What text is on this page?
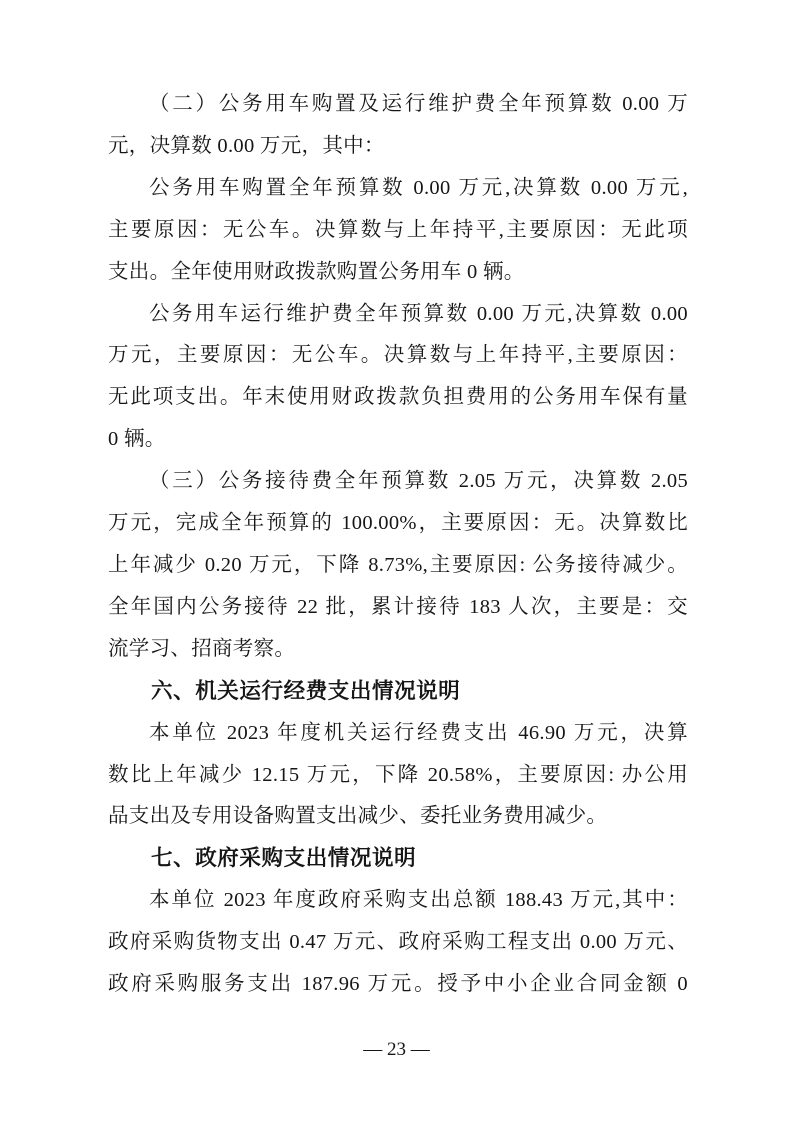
（二）公务用车购置及运行维护费全年预算数 0.00 万
元，决算数 0.00 万元，其中：
公务用车购置全年预算数 0.00 万元,决算数 0.00 万元,
主要原因：无公车。决算数与上年持平,主要原因：无此项
支出。全年使用财政拨款购置公务用车 0 辆。
公务用车运行维护费全年预算数 0.00 万元,决算数 0.00
万元，主要原因：无公车。决算数与上年持平,主要原因：
无此项支出。年末使用财政拨款负担费用的公务用车保有量
0 辆。
（三）公务接待费全年预算数 2.05 万元，决算数 2.05
万元，完成全年预算的 100.00%，主要原因：无。决算数比
上年减少 0.20 万元，下降 8.73%,主要原因: 公务接待减少。
全年国内公务接待 22 批，累计接待 183 人次，主要是：交
流学习、招商考察。
六、机关运行经费支出情况说明
本单位 2023 年度机关运行经费支出 46.90 万元，决算
数比上年减少 12.15 万元，下降 20.58%，主要原因: 办公用
品支出及专用设备购置支出减少、委托业务费用减少。
七、政府采购支出情况说明
本单位 2023 年度政府采购支出总额 188.43 万元,其中：
政府采购货物支出 0.47 万元、政府采购工程支出 0.00 万元、
政府采购服务支出 187.96 万元。授予中小企业合同金额 0
— 23 —
